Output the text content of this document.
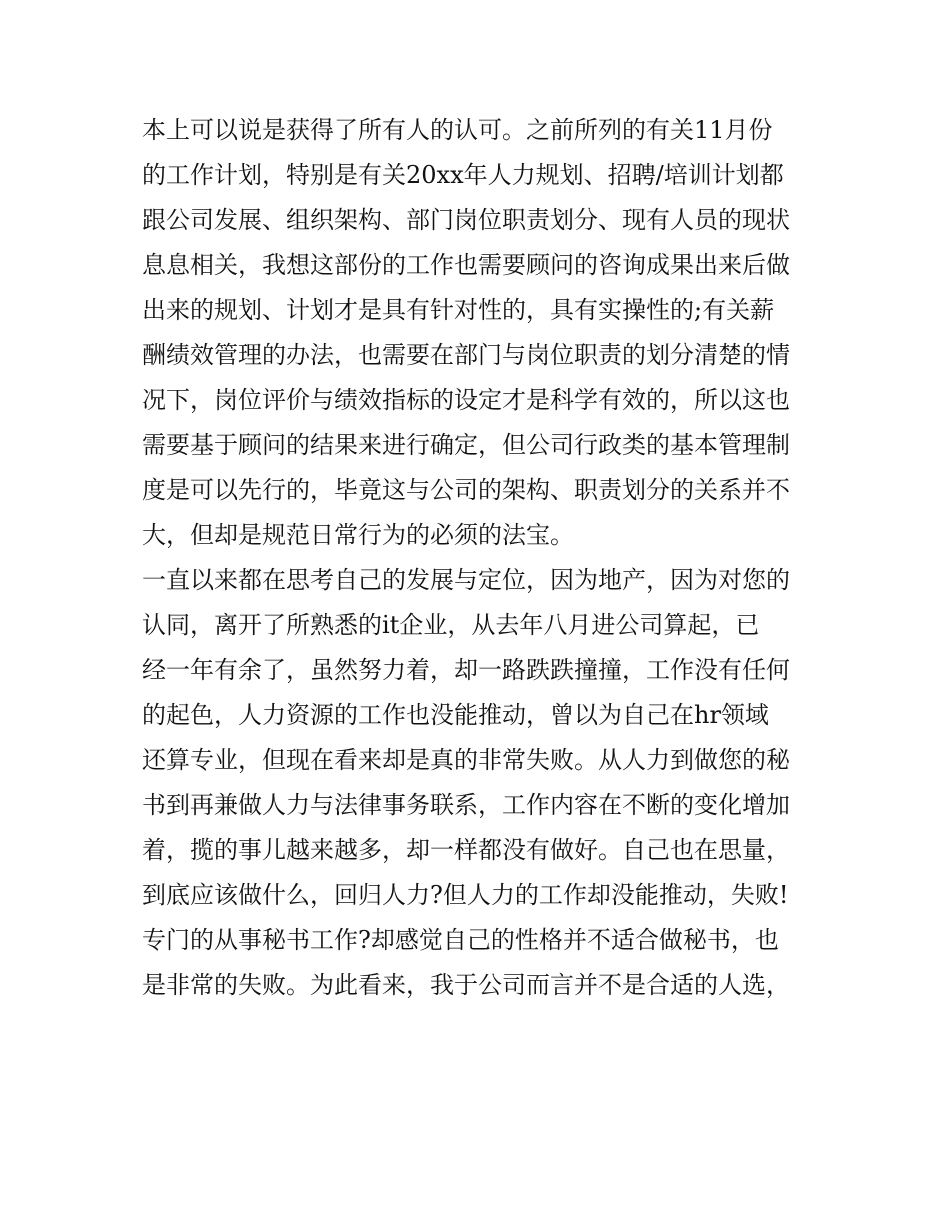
本上可以说是获得了所有人的认可。之前所列的有关11月份
的工作计划，特别是有关20xx年人力规划、招聘/培训计划都
跟公司发展、组织架构、部门岗位职责划分、现有人员的现状
息息相关，我想这部份的工作也需要顾问的咨询成果出来后做
出来的规划、计划才是具有针对性的，具有实操性的;有关薪
酬绩效管理的办法，也需要在部门与岗位职责的划分清楚的情
况下，岗位评价与绩效指标的设定才是科学有效的，所以这也
需要基于顾问的结果来进行确定，但公司行政类的基本管理制
度是可以先行的，毕竟这与公司的架构、职责划分的关系并不
大，但却是规范日常行为的必须的法宝。
一直以来都在思考自己的发展与定位，因为地产，因为对您的
认同，离开了所熟悉的it企业，从去年八月进公司算起，已
经一年有余了，虽然努力着，却一路跌跌撞撞，工作没有任何
的起色，人力资源的工作也没能推动，曾以为自己在hr领域
还算专业，但现在看来却是真的非常失败。从人力到做您的秘
书到再兼做人力与法律事务联系，工作内容在不断的变化增加
着，揽的事儿越来越多，却一样都没有做好。自己也在思量，
到底应该做什么，回归人力?但人力的工作却没能推动，失败!
专门的从事秘书工作?却感觉自己的性格并不适合做秘书，也
是非常的失败。为此看来，我于公司而言并不是合适的人选，
